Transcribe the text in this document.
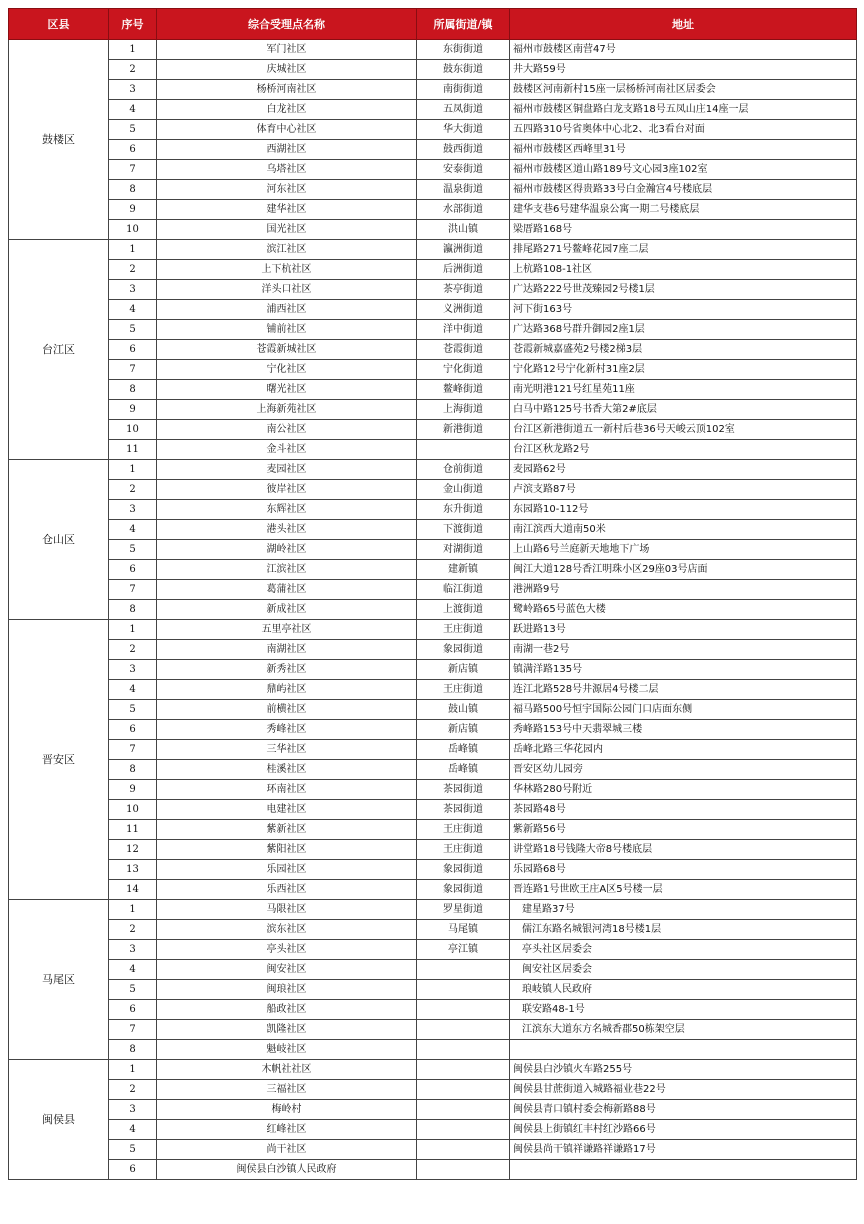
区县	序号	综合受理点名称	所属街道/镇	地址
鼓楼区	1	军门社区	东街街道	福州市鼓楼区南营47号
	2	庆城社区	鼓东街道	井大路59号
	3	杨桥河南社区	南街街道	鼓楼区河南新村15座一层杨桥河南社区居委会
	4	白龙社区	五凤街道	福州市鼓楼区铜盘路白龙支路18号五凤山庄14座一层
	5	体育中心社区	华大街道	五四路310号省奥体中心北2、北3看台对面
	6	西湖社区	鼓西街道	福州市鼓楼区西峰里31号
	7	乌塔社区	安泰街道	福州市鼓楼区道山路189号文心园3座102室
	8	河东社区	温泉街道	福州市鼓楼区得贵路33号白金瀚宫4号楼底层
	9	建华社区	水部街道	建华支巷6号建华温泉公寓一期二号楼底层
	10	国光社区	洪山镇	梁厝路168号
台江区	1	滨江社区	瀛洲街道	排尾路271号鳌峰花园7座二层
	2	上下杭社区	后洲街道	上杭路108-1社区
	3	洋头口社区	茶亭街道	广达路222号世茂臻园2号楼1层
	4	浦西社区	义洲街道	河下街163号
	5	铺前社区	洋中街道	广达路368号群升御园2座1层
	6	苍霞新城社区	苍霞街道	苍霞新城嘉盛苑2号楼2梯3层
	7	宁化社区	宁化街道	宁化路12号宁化新村31座2层
	8	曙光社区	鳌峰街道	南光明港121号红星苑11座
	9	上海新苑社区	上海街道	白马中路125号书香大第2#底层
	10	南公社区	新港街道	台江区新港街道五一新村后巷36号天峻云顶102室
	11	金斗社区		台江区秋龙路2号
仓山区	1	麦园社区	仓前街道	麦园路62号
	2	彼岸社区	金山街道	卢滨支路87号
	3	东辉社区	东升街道	东园路10-112号
	4	港头社区	下渡街道	南江滨西大道南50米
	5	湖岭社区	对湖街道	上山路6号兰庭新天地地下广场
	6	江滨社区	建新镇	闽江大道128号香江明珠小区29座03号店面
	7	葛蒲社区	临江街道	港洲路9号
	8	新成社区	上渡街道	鹭岭路65号蓝色大楼
晋安区	1	五里亭社区	王庄街道	跃进路13号
	2	南湖社区	象园街道	南湖一巷2号
	3	新秀社区	新店镇	镇满洋路135号
	4	鼎屿社区	王庄街道	连江北路528号井源居4号楼二层
	5	前横社区	鼓山镇	福马路500号恒宇国际公园门口店面东侧
	6	秀峰社区	新店镇	秀峰路153号中天翡翠城三楼
	7	三华社区	岳峰镇	岳峰北路三华花园内
	8	桂溪社区	岳峰镇	晋安区幼儿园旁
	9	环南社区	茶园街道	华林路280号附近
	10	电建社区	茶园街道	茶园路48号
	11	紫新社区	王庄街道	紫新路56号
	12	紫阳社区	王庄街道	讲堂路18号钱隆大帝8号楼底层
	13	乐园社区	象园街道	乐园路68号
	14	乐西社区	象园街道	晋连路1号世欧王庄A区5号楼一层
马尾区	1	马限社区	罗星街道	建星路37号
	2	滨东社区	马尾镇	儒江东路名城银河湾18号楼1层
	3	亭头社区	亭江镇	亭头社区居委会
	4	闽安社区		闽安社区居委会
	5	闽琅社区		琅岐镇人民政府
	6	船政社区		联安路48-1号
	7	凯隆社区		江滨东大道东方名城香郡50栋架空层
	8	魁岐社区		
闽侯县	1	木帆社社区		闽侯县白沙镇火车路255号
	2	三福社区		闽侯县甘蔗街道入城路福业巷22号
	3	梅岭村		闽侯县青口镇村委会梅新路88号
	4	红峰社区		闽侯县上街镇红丰村红沙路66号
	5	尚干社区		闽侯县尚干镇祥谦路祥谦路17号
	6	闽侯县白沙镇人民政府		
